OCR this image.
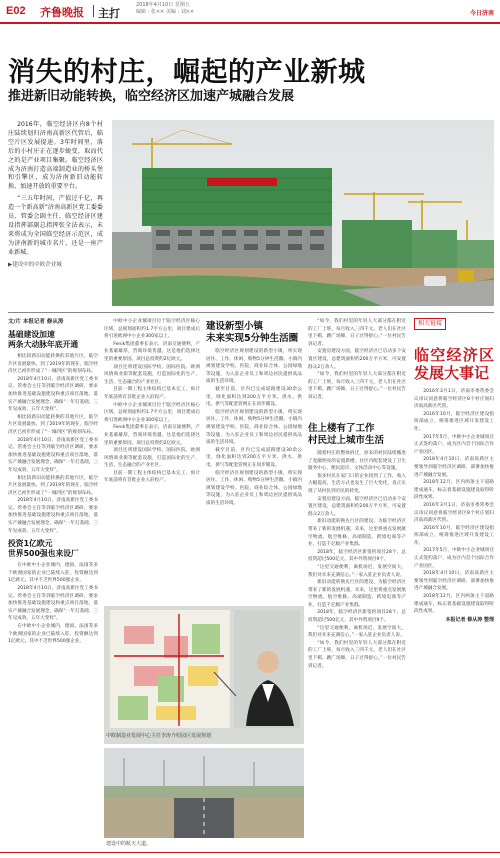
E02 齐鲁晚报 主打
2018年4月10日 星期五
编辑 : 张×× 美编 : 刘××	今日济南
消失的村庄，崛起的产业新城
推进新旧动能转换，临空经济区加速产城融合发展

2016年，临空经济区内8个村庄陆续划归济南高新区代管后，临空片区发展提速。3年时间里，落后的小村庄正在逐步蜕变，取而代之的是产业项目集聚。临空经济区成为济南打造高端制造业的桥头堡和引擎区，成为济南新旧动能转换、加速开放的重要平台。

“三五年时间，产值过千亿，再造一个新高新”济南高新区党工委委员、管委会副主任、临空经济区建设指挥部副总指挥张全法表示，未来将成为全国临空经济示范区，成为济南新的城市名片，还是一座产业新城。

▶建设中的中欧企业城
文/片 本报记者 修从涛
基础建设加速
两条大动脉年底开通

相比较新旧动能转换的其他片区，临空片区发展最快。到了2019年的现在，临空经济区已初步形成了“一城四区”的规划布局。

2018年4月10日，济南高新区党工委书记、管委会主任等到临空经济区调研，要求加快推进基础设施建设和重点项目落地，落实产城融合发展理念，确保“一年打基础、三年见成效、五年大变样”。

相比较新旧动能转换的其他片区，临空片区发展最快。到了2019年的现在，临空经济区已初步形成了“一城四区”的规划布局。

2018年4月10日，济南高新区党工委书记、管委会主任等到临空经济区调研，要求加快推进基础设施建设和重点项目落地，落实产城融合发展理念，确保“一年打基础、三年见成效、五年大变样”。

相比较新旧动能转换的其他片区，临空片区发展最快。到了2019年的现在，临空经济区已初步形成了“一城四区”的规划布局。

2018年4月10日，济南高新区党工委书记、管委会主任等到临空经济区调研，要求加快推进基础设施建设和重点项目落地，落实产城融合发展理念，确保“一年打基础、三年见成效、五年大变样”。

投资1亿欧元
世界500强也来设厂

在中欧中小企业城内，德国、法国等多个欧洲国家的企业已陆续入驻，投资额达到1亿欧元，其中不乏世界500强企业。

2018年4月10日，济南高新区党工委书记、管委会主任等到临空经济区调研，要求加快推进基础设施建设和重点项目落地，落实产城融合发展理念，确保“一年打基础、三年见成效、五年大变样”。

在中欧中小企业城内，德国、法国等多个欧洲国家的企业已陆续入驻，投资额达到1亿欧元，其中不乏世界500强企业。

中欧中小企业城项目位于临空经济区核心区域，总规划面积约1.7平方公里，项目建成后将引进欧洲中小企业300家以上。

Fenik集团董事长表示，济南交通便利，产业基础雄厚，营商环境优越，这是他们选择这里的重要原因。项目总投资约2亿欧元。

项目还将建设国际学校、国际医院、欧洲风情商业街等配套设施，打造国际化的生产、生活、生态融合的产业社区。

目前一期工程主体结构已基本完工，预计年底前将有首批企业入驻投产。

中欧中小企业城项目位于临空经济区核心区域，总规划面积约1.7平方公里，项目建成后将引进欧洲中小企业300家以上。

Fenik集团董事长表示，济南交通便利，产业基础雄厚，营商环境优越，这是他们选择这里的重要原因。项目总投资约2亿欧元。

项目还将建设国际学校、国际医院、欧洲风情商业街等配套设施，打造国际化的生产、生活、生态融合的产业社区。

目前一期工程主体结构已基本完工，预计年底前将有首批企业入驻投产。

建设新型小镇
未来实现5分钟生活圈

临空经济区规划建设的新型小镇，将实现居住、工作、休闲、购物5分钟生活圈。小镇内规划建设学校、医院、商业综合体、公园绿地等设施，为入驻企业员工和周边居民提供高品质的生活环境。

截至目前，区内已完成道路建设30余公里，绿化面积达到200万平方米，供水、供电、供气等配套管网正在同步铺设。

临空经济区规划建设的新型小镇，将实现居住、工作、休闲、购物5分钟生活圈。小镇内规划建设学校、医院、商业综合体、公园绿地等设施，为入驻企业员工和周边居民提供高品质的生活环境。

截至目前，区内已完成道路建设30余公里，绿化面积达到200万平方米，供水、供电、供气等配套管网正在同步铺设。

临空经济区规划建设的新型小镇，将实现居住、工作、休闲、购物5分钟生活圈。小镇内规划建设学校、医院、商业综合体、公园绿地等设施，为入驻企业员工和周边居民提供高品质的生活环境。

“如今，我们村里的年轻人大部分都在附近的工厂上班，每月收入三四千元，老人们在社区里下棋、跳广场舞，日子过得舒心。”一位村民告诉记者。

安置房建设方面，临空经济区已启动多个安置区建设，总建筑面积约200万平方米，可安置群众2万余人。

“如今，我们村里的年轻人大部分都在附近的工厂上班，每月收入三四千元，老人们在社区里下棋、跳广场舞，日子过得舒心。”一位村民告诉记者。

住上楼有了工作
村民过上城市生活

随着村庄的整体拆迁，原来的村民陆续搬进了宽敞明亮的安置新楼。社区内配套建设了卫生服务中心、便民超市、文体活动中心等设施。

很多村民在家门口的企业找到了工作，收入大幅提高，生活方式也发生了巨大变化，真正实现了从村民到市民的转变。

安置房建设方面，临空经济区已启动多个安置区建设，总建筑面积约200万平方米，可安置群众2万余人。

新旧动能转换先行区的建设，为临空经济区带来了新的发展机遇。未来，这里将重点发展航空物流、航空维修、高端制造、跨境电商等产业，打造千亿级产业集群。

2018年，临空经济区新签约项目28个，总投资超过500亿元，其中外资项目9个。

“这里交通便利，离机场近，发展空间大，我们对未来充满信心。”一家入驻企业负责人说。

新旧动能转换先行区的建设，为临空经济区带来了新的发展机遇。未来，这里将重点发展航空物流、航空维修、高端制造、跨境电商等产业，打造千亿级产业集群。

2018年，临空经济区新签约项目28个，总投资超过500亿元，其中外资项目9个。

“这里交通便利，离机场近，发展空间大，我们对未来充满信心。”一家入驻企业负责人说。

“如今，我们村里的年轻人大部分都在附近的工厂上班，每月收入三四千元，老人们在社区里下棋、跳广场舞，日子过得舒心。”一位村民告诉记者。

相关链接
临空经济区发展大事记

2016年3月1日，济南市委常委会议审议同意将临空经济区8个村庄划归济南高新区代管。

2016年10月，临空经济区建设指挥部成立，统筹推进区域开发建设工作。

2017年5月，中欧中小企业城项目正式签约落户，成为区内首个国际合作产业园区。

2018年4月10日，济南高新区主要领导到临空经济区调研，部署加快推进产城融合发展。

2018年12月，区内两条主干道路建成通车，标志着基础设施建设取得阶段性成果。

2016年3月1日，济南市委常委会议审议同意将临空经济区8个村庄划归济南高新区代管。

2016年10月，临空经济区建设指挥部成立，统筹推进区域开发建设工作。

2017年5月，中欧中小企业城项目正式签约落户，成为区内首个国际合作产业园区。

2018年4月10日，济南高新区主要领导到临空经济区调研，部署加快推进产城融合发展。

2018年12月，区内两条主干道路建成通车，标志着基础设施建设取得阶段性成果。

本报记者 修从涛 整理
中欧制造业发展中心主任李涛介绍园区发展规划
建设中的航天大道。
